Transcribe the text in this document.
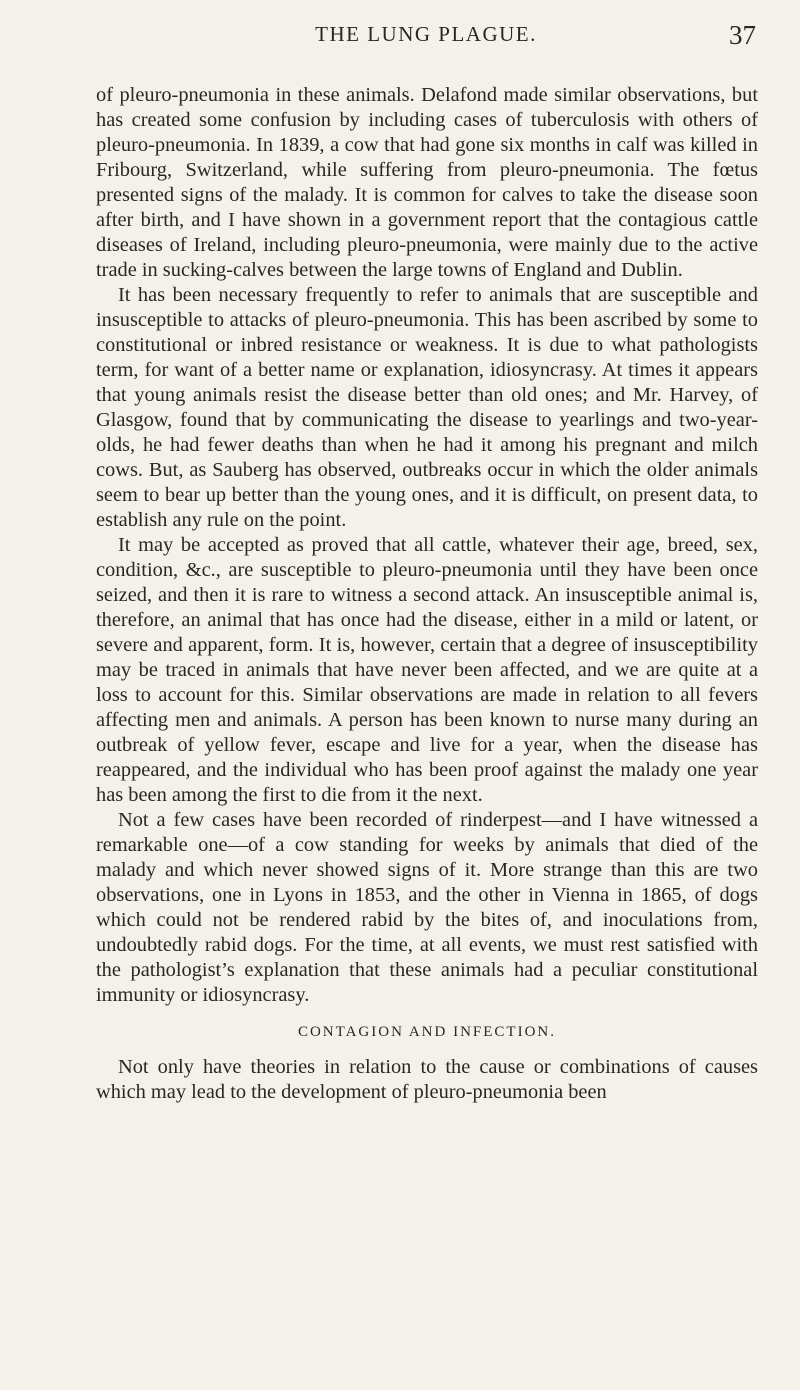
THE LUNG PLAGUE.	37

of pleuro-pneumonia in these animals. Delafond made similar observations, but has created some confusion by including cases of tuberculosis with others of pleuro-pneumonia. In 1839, a cow that had gone six months in calf was killed in Fribourg, Switzerland, while suffering from pleuro-pneumonia. The fœtus presented signs of the malady. It is common for calves to take the disease soon after birth, and I have shown in a government report that the contagious cattle diseases of Ireland, including pleuro-pneumonia, were mainly due to the active trade in sucking-calves between the large towns of England and Dublin.

It has been necessary frequently to refer to animals that are susceptible and insusceptible to attacks of pleuro-pneumonia. This has been ascribed by some to constitutional or inbred resistance or weakness. It is due to what pathologists term, for want of a better name or explanation, idiosyncrasy. At times it appears that young animals resist the disease better than old ones; and Mr. Harvey, of Glasgow, found that by communicating the disease to yearlings and two-year-olds, he had fewer deaths than when he had it among his pregnant and milch cows. But, as Sauberg has observed, outbreaks occur in which the older animals seem to bear up better than the young ones, and it is difficult, on present data, to establish any rule on the point.

It may be accepted as proved that all cattle, whatever their age, breed, sex, condition, &c., are susceptible to pleuro-pneumonia until they have been once seized, and then it is rare to witness a second attack. An insusceptible animal is, therefore, an animal that has once had the disease, either in a mild or latent, or severe and apparent, form. It is, however, certain that a degree of insusceptibility may be traced in animals that have never been affected, and we are quite at a loss to account for this. Similar observations are made in relation to all fevers affecting men and animals. A person has been known to nurse many during an outbreak of yellow fever, escape and live for a year, when the disease has reappeared, and the individual who has been proof against the malady one year has been among the first to die from it the next.

Not a few cases have been recorded of rinderpest—and I have witnessed a remarkable one—of a cow standing for weeks by animals that died of the malady and which never showed signs of it. More strange than this are two observations, one in Lyons in 1853, and the other in Vienna in 1865, of dogs which could not be rendered rabid by the bites of, and inoculations from, undoubtedly rabid dogs. For the time, at all events, we must rest satisfied with the pathologist’s explanation that these animals had a peculiar constitutional immunity or idiosyncrasy.

CONTAGION AND INFECTION.

Not only have theories in relation to the cause or combinations of causes which may lead to the development of pleuro-pneumonia been
